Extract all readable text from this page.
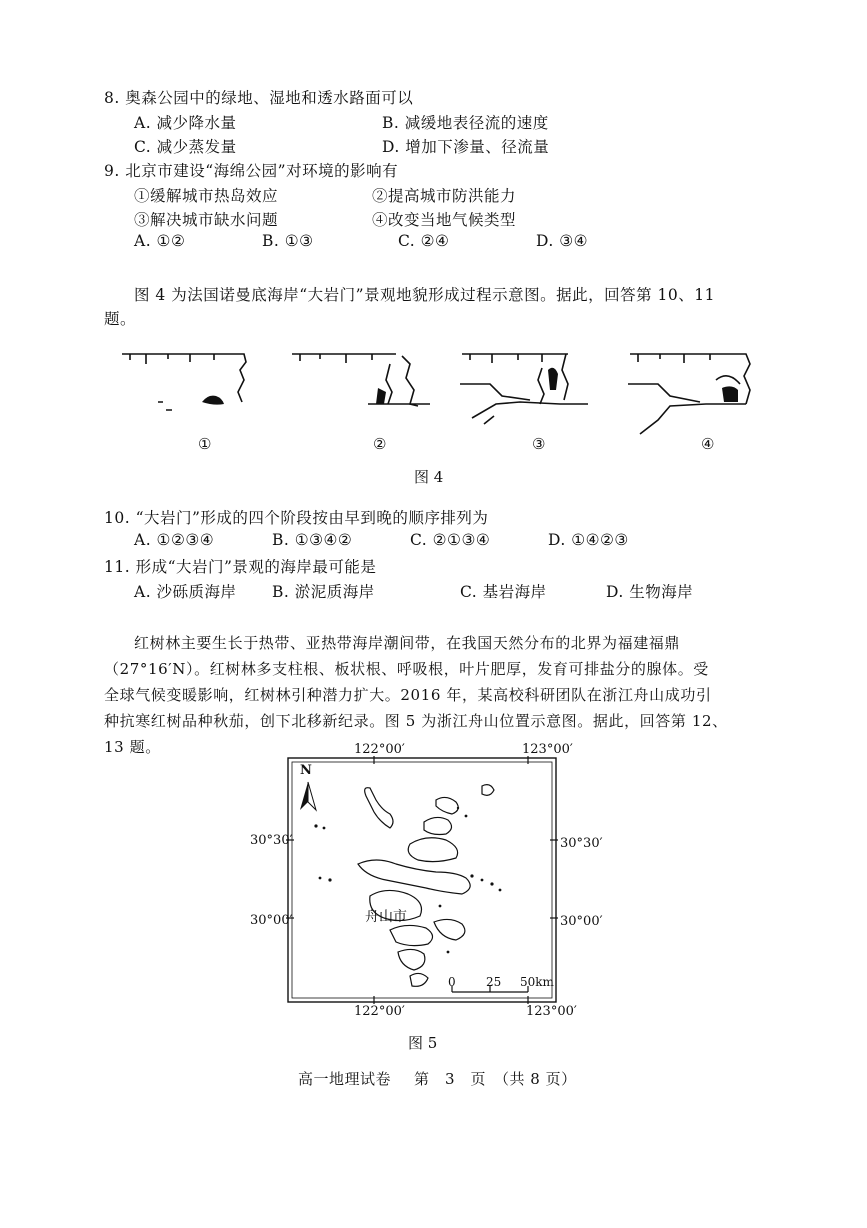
8. 奥森公园中的绿地、湿地和透水路面可以
A. 减少降水量	B. 减缓地表径流的速度
C. 减少蒸发量	D. 增加下渗量、径流量
9. 北京市建设“海绵公园”对环境的影响有
①缓解城市热岛效应	②提高城市防洪能力
③解决城市缺水问题	④改变当地气候类型
A. ①②	B. ①③	C. ②④	D. ③④
图 4 为法国诺曼底海岸“大岩门”景观地貌形成过程示意图。据此，回答第 10、11
题。
①	②	③	④
图 4
10. “大岩门”形成的四个阶段按由早到晚的顺序排列为
A. ①②③④	B. ①③④②	C. ②①③④	D. ①④②③
11. 形成“大岩门”景观的海岸最可能是
A. 沙砾质海岸 B. 淤泥质海岸	C. 基岩海岸	D. 生物海岸
红树林主要生长于热带、亚热带海岸潮间带，在我国天然分布的北界为福建福鼎
（27°16′N）。红树林多支柱根、板状根、呼吸根，叶片肥厚，发育可排盐分的腺体。受
全球气候变暖影响，红树林引种潜力扩大。2016 年，某高校科研团队在浙江舟山成功引
种抗寒红树品种秋茄，创下北移新纪录。图 5 为浙江舟山位置示意图。据此，回答第 12、
13 题。	122°00′	123°00′
30°30′
30°00′
30°30′
30°00′
122°00′	123°00′
N
舟山市
0	25 50km
图 5
高一地理试卷 第　3　页　（共 8 页）
